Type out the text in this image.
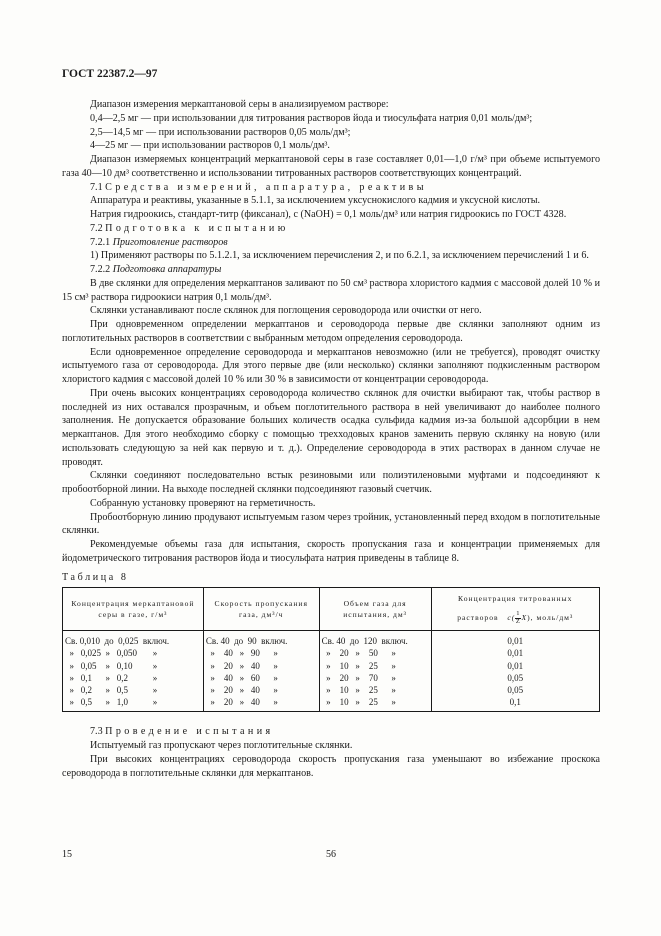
ГОСТ 22387.2—97

Диапазон измерения меркаптановой серы в анализируемом растворе:

0,4—2,5 мг — при использовании для титрования растворов йода и тиосульфата натрия 0,01 моль/дм³;

2,5—14,5 мг — при использовании растворов 0,05 моль/дм³;

4—25 мг — при использовании растворов 0,1 моль/дм³.

Диапазон измеряемых концентраций меркаптановой серы в газе составляет 0,01—1,0 г/м³ при объеме испытуемого газа 40—10 дм³ соответственно и использовании титрованных растворов соответствующих концентраций.

7.1 Средства измерений, аппаратура, реактивы

Аппаратура и реактивы, указанные в 5.1.1, за исключением уксуснокислого кадмия и уксусной кислоты.

Натрия гидроокись, стандарт-титр (фиксанал), c (NaOH) = 0,1 моль/дм³ или натрия гидроокись по ГОСТ 4328.

7.2 Подготовка к испытанию

7.2.1 Приготовление растворов

1) Применяют растворы по 5.1.2.1, за исключением перечисления 2, и по 6.2.1, за исключением перечислений 1 и 6.

7.2.2 Подготовка аппаратуры

В две склянки для определения меркаптанов заливают по 50 см³ раствора хлористого кадмия с массовой долей 10 % и 15 см³ раствора гидроокиси натрия 0,1 моль/дм³.

Склянки устанавливают после склянок для поглощения сероводорода или очистки от него.

При одновременном определении меркаптанов и сероводорода первые две склянки заполняют одним из поглотительных растворов в соответствии с выбранным методом определения сероводорода.

Если одновременное определение сероводорода и меркаптанов невозможно (или не требуется), проводят очистку испытуемого газа от сероводорода. Для этого первые две (или несколько) склянки заполняют подкисленным раствором хлористого кадмия с массовой долей 10 % или 30 % в зависимости от концентрации сероводорода.

При очень высоких концентрациях сероводорода количество склянок для очистки выбирают так, чтобы раствор в последней из них оставался прозрачным, и объем поглотительного раствора в ней увеличивают до наиболее полного заполнения. Не допускается образование больших количеств осадка сульфида кадмия из-за большой адсорбции в нем меркаптанов. Для этого необходимо сборку с помощью трехходовых кранов заменить первую склянку на новую (или использовать следующую за ней как первую и т. д.). Определение сероводорода в этих растворах в данном случае не проводят.

Склянки соединяют последовательно встык резиновыми или полиэтиленовыми муфтами и подсоединяют к пробоотборной линии. На выходе последней склянки подсоединяют газовый счетчик.

Собранную установку проверяют на герметичность.

Пробоотборную линию продувают испытуемым газом через тройник, установленный перед входом в поглотительные склянки.

Рекомендуемые объемы газа для испытания, скорость пропускания газа и концентрации применяемых для йодометрического титрования растворов йода и тиосульфата натрия приведены в таблице 8.

Таблица 8

Концентрация меркаптановой серы в газе, г/м³	Скорость пропускания газа, дм³/ч	Объем газа для испытания, дм³	Концентрация титрованных
растворов $c( \frac{1}{Z}X)$, моль/дм³

Св. 0,010  до  0,025  включ.	Св. 40  до  90  включ.	Св. 40  до  120  включ.	0,01
»   0,025  »   0,050       »	»    40   »   90      »	»    20   »    50      »	0,01
»   0,05    »   0,10         »	»    20   »   40      »	»    10   »    25      »	0,01
»   0,1      »   0,2           »	»    40   »   60      »	»    20   »    70      »	0,05
»   0,2      »   0,5           »	»    20   »   40      »	»    10   »    25      »	0,05
»   0,5      »   1,0           »	»    20   »   40      »	»    10   »    25      »	0,1

7.3 Проведение испытания

Испытуемый газ пропускают через поглотительные склянки.

При высоких концентрациях сероводорода скорость пропускания газа уменьшают во избежание проскока сероводорода в поглотительные склянки для меркаптанов.

15	56
